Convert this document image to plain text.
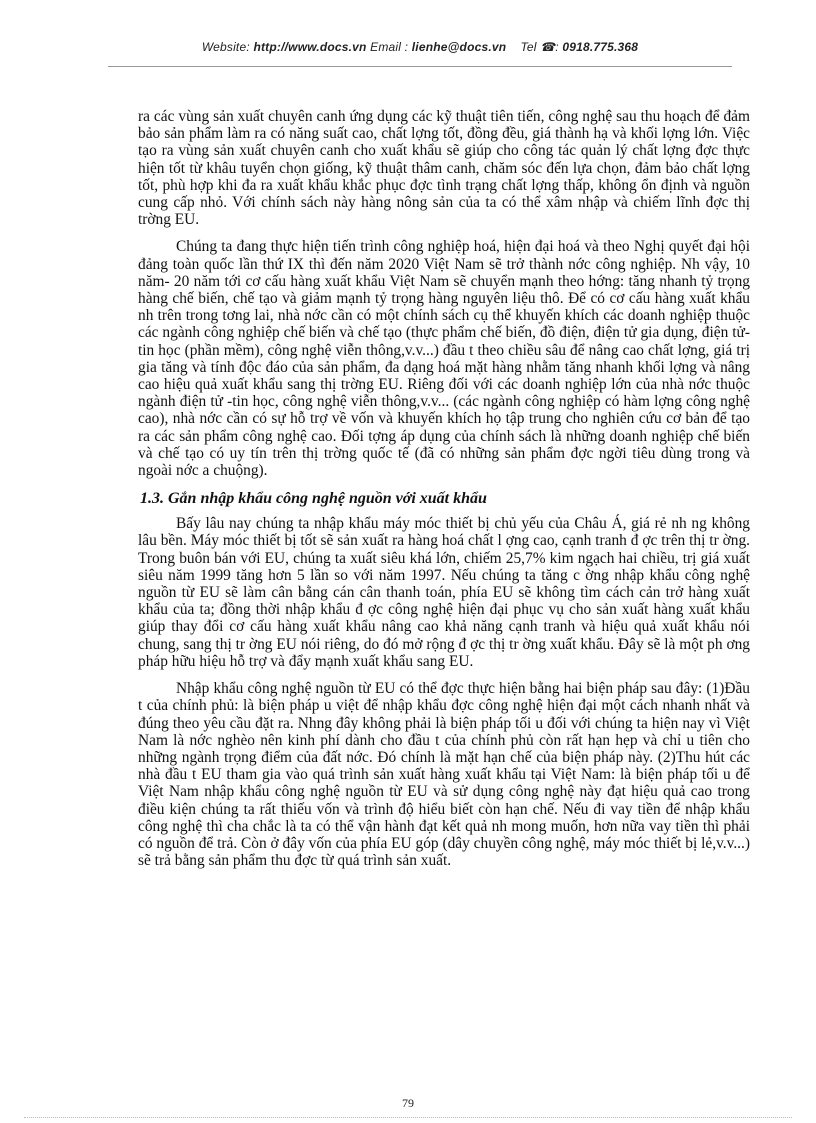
Website: http://www.docs.vn Email : lienhe@docs.vn Tel ☎: 0918.775.368

ra các vùng sản xuất chuyên canh ứng dụng các kỹ thuật tiên tiến, công nghệ sau thu hoạch để đảm bảo sản phẩm làm ra có năng suất cao, chất lợng tốt, đồng đều, giá thành hạ và khối lợng lớn. Việc tạo ra vùng sản xuất chuyên canh cho xuất khẩu sẽ giúp cho công tác quản lý chất lợng đợc thực hiện tốt từ khâu tuyển chọn giống, kỹ thuật thâm canh, chăm sóc đến lựa chọn, đảm bảo chất lợng tốt, phù hợp khi đa ra xuất khẩu khắc phục đợc tình trạng chất lợng thấp, không ổn định và nguồn cung cấp nhỏ. Với chính sách này hàng nông sản của ta có thể xâm nhập và chiếm lĩnh đợc thị trờng EU.

Chúng ta đang thực hiện tiến trình công nghiệp hoá, hiện đại hoá và theo Nghị quyết đại hội đảng toàn quốc lần thứ IX thì đến năm 2020 Việt Nam sẽ trở thành nớc công nghiệp. Nh vậy, 10 năm- 20 năm tới cơ cấu hàng xuất khẩu Việt Nam sẽ chuyển mạnh theo hớng: tăng nhanh tỷ trọng hàng chế biến, chế tạo và giảm mạnh tỷ trọng hàng nguyên liệu thô. Để có cơ cấu hàng xuất khẩu nh trên trong tơng lai, nhà nớc cần có một chính sách cụ thể khuyến khích các doanh nghiệp thuộc các ngành công nghiệp chế biến và chế tạo (thực phẩm chế biến, đồ điện, điện tử gia dụng, điện tử- tin học (phần mềm), công nghệ viễn thông,v.v...) đầu t theo chiều sâu để nâng cao chất lợng, giá trị gia tăng và tính độc đáo của sản phẩm, đa dạng hoá mặt hàng nhằm tăng nhanh khối lợng và nâng cao hiệu quả xuất khẩu sang thị trờng EU. Riêng đối với các doanh nghiệp lớn của nhà nớc thuộc ngành điện tử -tin học, công nghệ viễn thông,v.v... (các ngành công nghiệp có hàm lợng công nghệ cao), nhà nớc cần có sự hỗ trợ về vốn và khuyến khích họ tập trung cho nghiên cứu cơ bản để tạo ra các sản phẩm công nghệ cao. Đối tợng áp dụng của chính sách là những doanh nghiệp chế biến và chế tạo có uy tín trên thị trờng quốc tế (đã có những sản phẩm đợc ngời tiêu dùng trong và ngoài nớc a chuộng).

1.3. Gắn nhập khẩu công nghệ nguồn với xuất khẩu

Bấy lâu nay chúng ta nhập khẩu máy móc thiết bị chủ yếu của Châu Á, giá rẻ nh ng không lâu bền. Máy móc thiết bị tốt sẽ sản xuất ra hàng hoá chất l ợng cao, cạnh tranh đ ợc trên thị tr ờng. Trong buôn bán với EU, chúng ta xuất siêu khá lớn, chiếm 25,7% kim ngạch hai chiều, trị giá xuất siêu năm 1999 tăng hơn 5 lần so với năm 1997. Nếu chúng ta tăng c ờng nhập khẩu công nghệ nguồn từ EU sẽ làm cân bằng cán cân thanh toán, phía EU sẽ không tìm cách cản trở hàng xuất khẩu của ta; đồng thời nhập khẩu đ ợc công nghệ hiện đại phục vụ cho sản xuất hàng xuất khẩu giúp thay đổi cơ cấu hàng xuất khẩu nâng cao khả năng cạnh tranh và hiệu quả xuất khẩu nói chung, sang thị tr ờng EU nói riêng, do đó mở rộng đ ợc thị tr ờng xuất khẩu. Đây sẽ là một ph ơng pháp hữu hiệu hỗ trợ và đẩy mạnh xuất khẩu sang EU.

Nhập khẩu công nghệ nguồn từ EU có thể đợc thực hiện bằng hai biện pháp sau đây: (1)Đầu t của chính phủ: là biện pháp u việt để nhập khẩu đợc công nghệ hiện đại một cách nhanh nhất và đúng theo yêu cầu đặt ra. Nhng đây không phải là biện pháp tối u đối với chúng ta hiện nay vì Việt Nam là nớc nghèo nên kinh phí dành cho đầu t của chính phủ còn rất hạn hẹp và chỉ u tiên cho những ngành trọng điểm của đất nớc. Đó chính là mặt hạn chế của biện pháp này. (2)Thu hút các nhà đầu t EU tham gia vào quá trình sản xuất hàng xuất khẩu tại Việt Nam: là biện pháp tối u để Việt Nam nhập khẩu công nghệ nguồn từ EU và sử dụng công nghệ này đạt hiệu quả cao trong điều kiện chúng ta rất thiếu vốn và trình độ hiểu biết còn hạn chế. Nếu đi vay tiền để nhập khẩu công nghệ thì cha chắc là ta có thể vận hành đạt kết quả nh mong muốn, hơn nữa vay tiền thì phải có nguồn để trả. Còn ở đây vốn của phía EU góp (dây chuyền công nghệ, máy móc thiết bị lẻ,v.v...) sẽ trả bằng sản phẩm thu đợc từ quá trình sản xuất.

79
